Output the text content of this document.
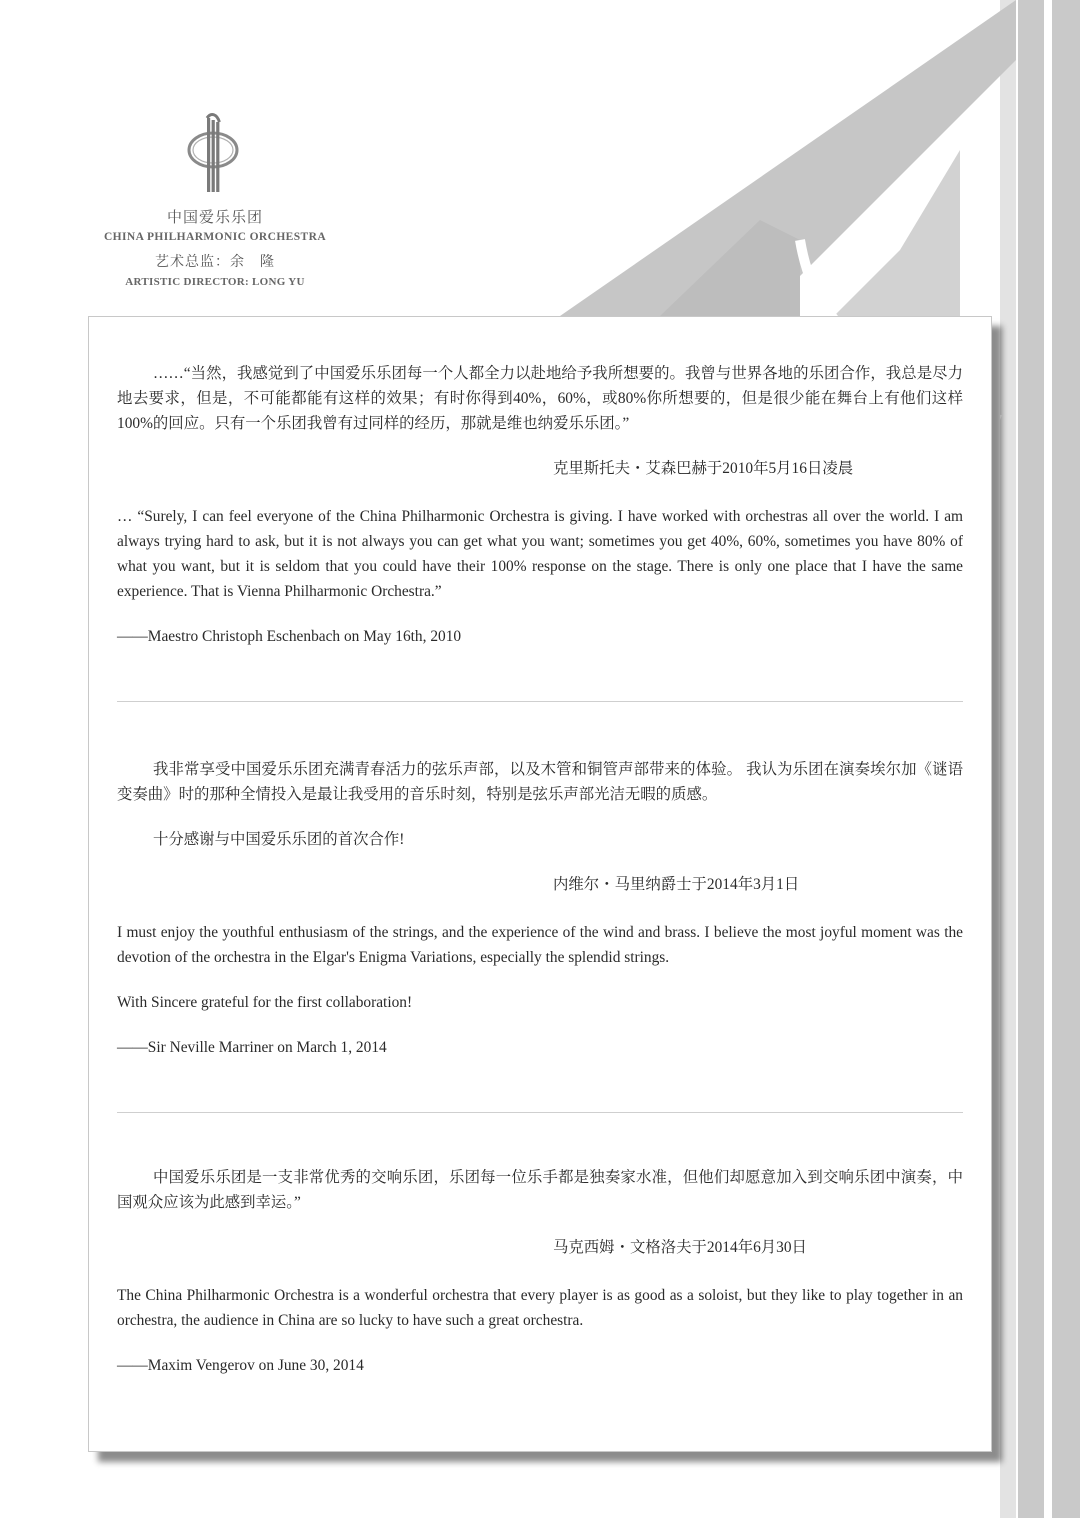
中国爱乐乐团
CHINA PHILHARMONIC ORCHESTRA
艺术总监：余　隆
ARTISTIC DIRECTOR: LONG YU

……“当然，我感觉到了中国爱乐乐团每一个人都全力以赴地给予我所想要的。我曾与世界各地的乐团合作，我总是尽力地去要求，但是，不可能都能有这样的效果；有时你得到40%，60%，或80%你所想要的，但是很少能在舞台上有他们这样100%的回应。只有一个乐团我曾有过同样的经历，那就是维也纳爱乐乐团。”

克里斯托夫・艾森巴赫于2010年5月16日凌晨

… “Surely, I can feel everyone of the China Philharmonic Orchestra is giving. I have worked with orchestras all over the world. I am always trying hard to ask, but it is not always you can get what you want; sometimes you get 40%, 60%, sometimes you have 80% of what you want, but it is seldom that you could have their 100% response on the stage. There is only one place that I have the same experience. That is Vienna Philharmonic Orchestra.”

——Maestro Christoph Eschenbach on May 16th, 2010

我非常享受中国爱乐乐团充满青春活力的弦乐声部，以及木管和铜管声部带来的体验。 我认为乐团在演奏埃尔加《谜语变奏曲》时的那种全情投入是最让我受用的音乐时刻，特别是弦乐声部光洁无暇的质感。

十分感谢与中国爱乐乐团的首次合作!

内维尔・马里纳爵士于2014年3月1日

I must enjoy the youthful enthusiasm of the strings, and the experience of the wind and brass. I believe the most joyful moment was the devotion of the orchestra in the Elgar's Enigma Variations, especially the splendid strings.

With Sincere grateful for the first collaboration!

——Sir Neville Marriner on March 1, 2014

中国爱乐乐团是一支非常优秀的交响乐团，乐团每一位乐手都是独奏家水准，但他们却愿意加入到交响乐团中演奏，中国观众应该为此感到幸运。”

马克西姆・文格洛夫于2014年6月30日

The China Philharmonic Orchestra is a wonderful orchestra that every player is as good as a soloist, but they like to play together in an orchestra, the audience in China are so lucky to have such a great orchestra.

——Maxim Vengerov on June 30, 2014
